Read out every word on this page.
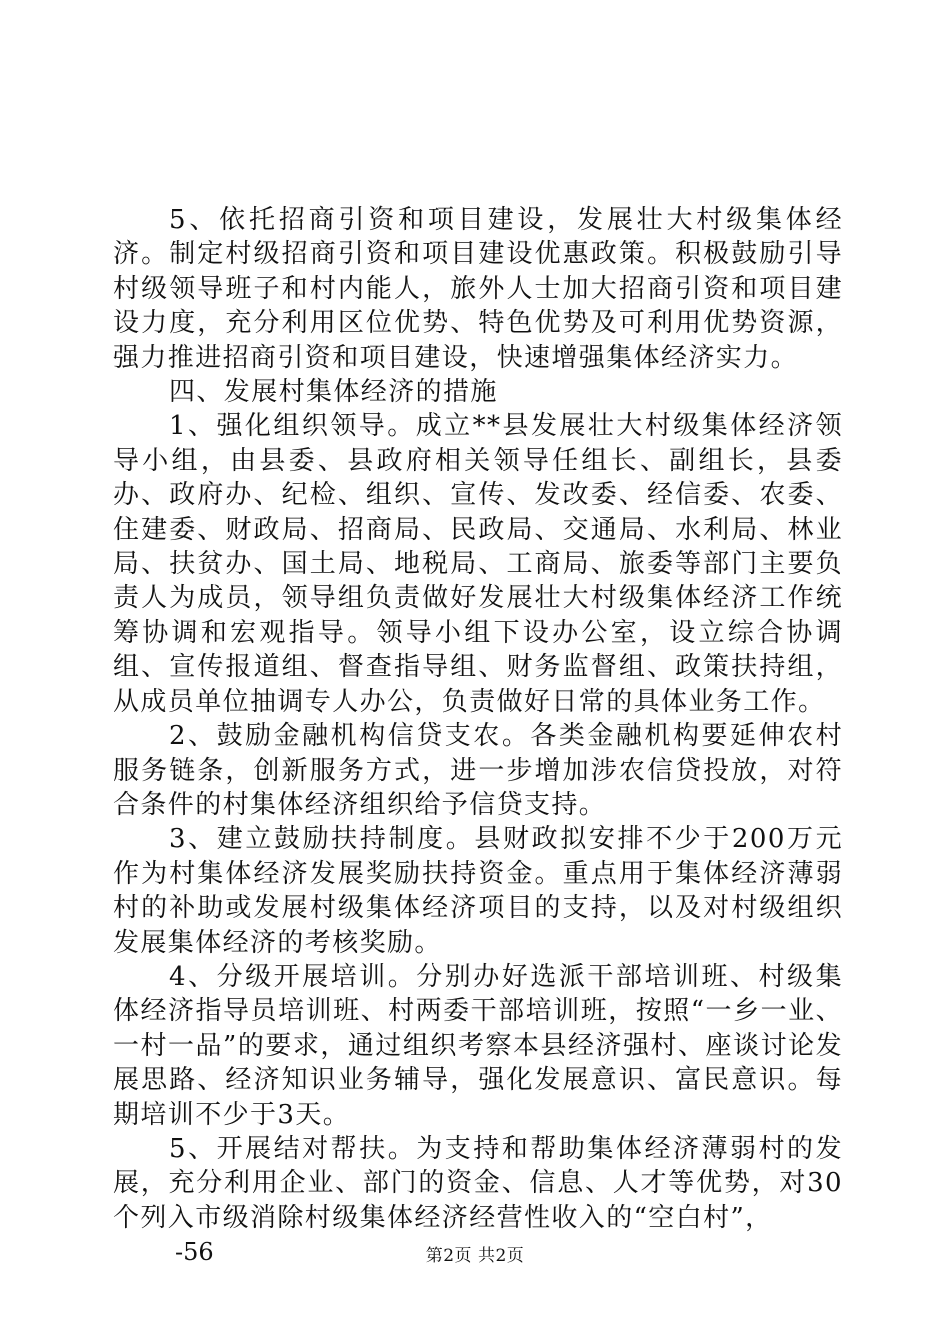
5、依托招商引资和项目建设，发展壮大村级集体经济。制定村级招商引资和项目建设优惠政策。积极鼓励引导村级领导班子和村内能人，旅外人士加大招商引资和项目建设力度，充分利用区位优势、特色优势及可利用优势资源，强力推进招商引资和项目建设，快速增强集体经济实力。

四、发展村集体经济的措施

1、强化组织领导。成立**县发展壮大村级集体经济领导小组，由县委、县政府相关领导任组长、副组长，县委办、政府办、纪检、组织、宣传、发改委、经信委、农委、住建委、财政局、招商局、民政局、交通局、水利局、林业局、扶贫办、国土局、地税局、工商局、旅委等部门主要负责人为成员，领导组负责做好发展壮大村级集体经济工作统筹协调和宏观指导。领导小组下设办公室，设立综合协调组、宣传报道组、督查指导组、财务监督组、政策扶持组，从成员单位抽调专人办公，负责做好日常的具体业务工作。

2、鼓励金融机构信贷支农。各类金融机构要延伸农村服务链条，创新服务方式，进一步增加涉农信贷投放，对符合条件的村集体经济组织给予信贷支持。

3、建立鼓励扶持制度。县财政拟安排不少于200万元作为村集体经济发展奖励扶持资金。重点用于集体经济薄弱村的补助或发展村级集体经济项目的支持，以及对村级组织发展集体经济的考核奖励。

4、分级开展培训。分别办好选派干部培训班、村级集体经济指导员培训班、村两委干部培训班，按照“一乡一业、一村一品”的要求，通过组织考察本县经济强村、座谈讨论发展思路、经济知识业务辅导，强化发展意识、富民意识。每期培训不少于3天。

5、开展结对帮扶。为支持和帮助集体经济薄弱村的发展，充分利用企业、部门的资金、信息、人才等优势，对30个列入市级消除村级集体经济经营性收入的“空白村”，

-56	第2页 共2页
